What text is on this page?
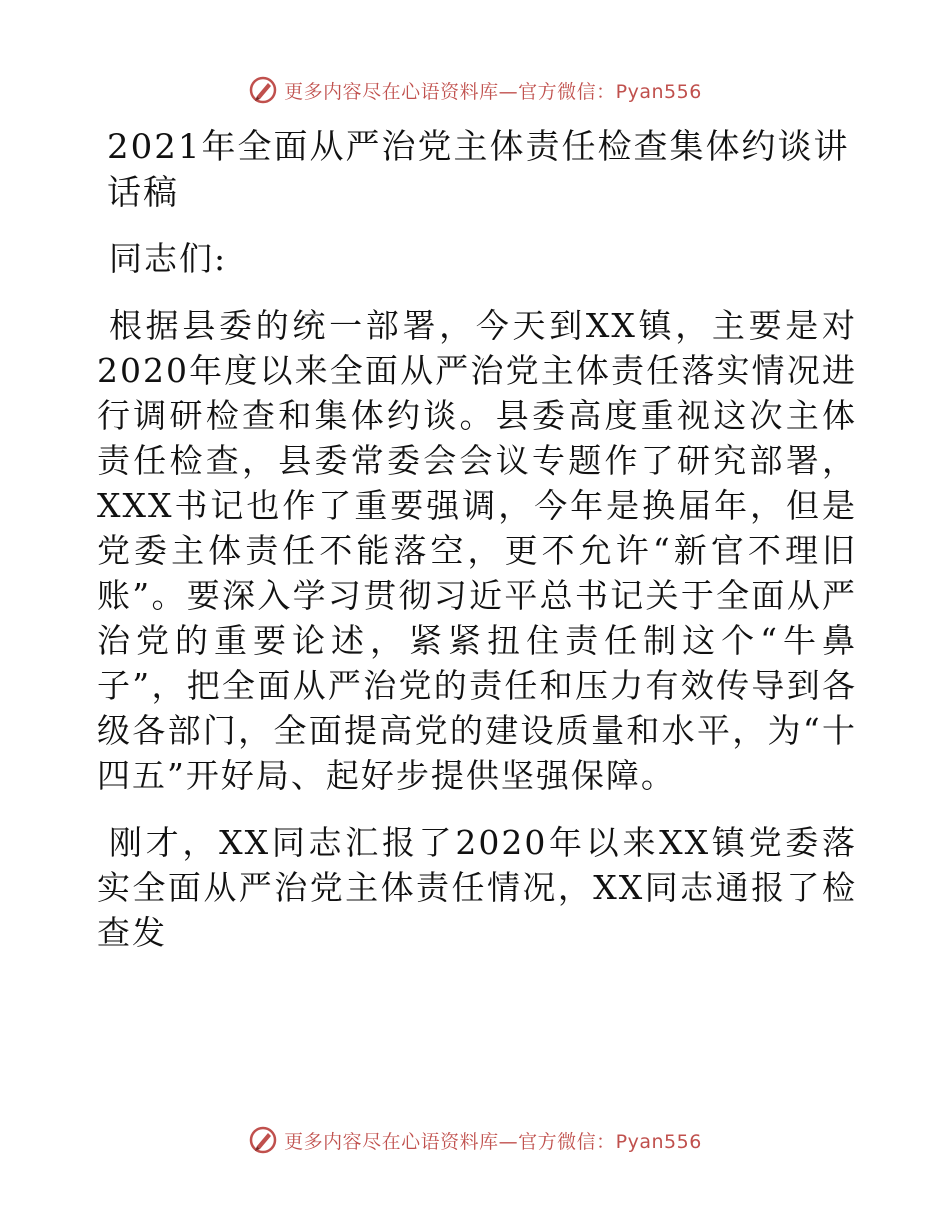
更多内容尽在心语资料库—官方微信：Pyan556
2021年全面从严治党主体责任检查集体约谈讲话稿

同志们:

根据县委的统一部署，今天到XX镇，主要是对2020年度以来全面从严治党主体责任落实情况进行调研检查和集体约谈。县委高度重视这次主体责任检查，县委常委会会议专题作了研究部署，XXX书记也作了重要强调，今年是换届年，但是党委主体责任不能落空，更不允许“新官不理旧账”。要深入学习贯彻习近平总书记关于全面从严治党的重要论述，紧紧扭住责任制这个“牛鼻子”，把全面从严治党的责任和压力有效传导到各级各部门，全面提高党的建设质量和水平，为“十四五”开好局、起好步提供坚强保障。

刚才，XX同志汇报了2020年以来XX镇党委落实全面从严治党主体责任情况，XX同志通报了检查发

更多内容尽在心语资料库—官方微信：Pyan556
